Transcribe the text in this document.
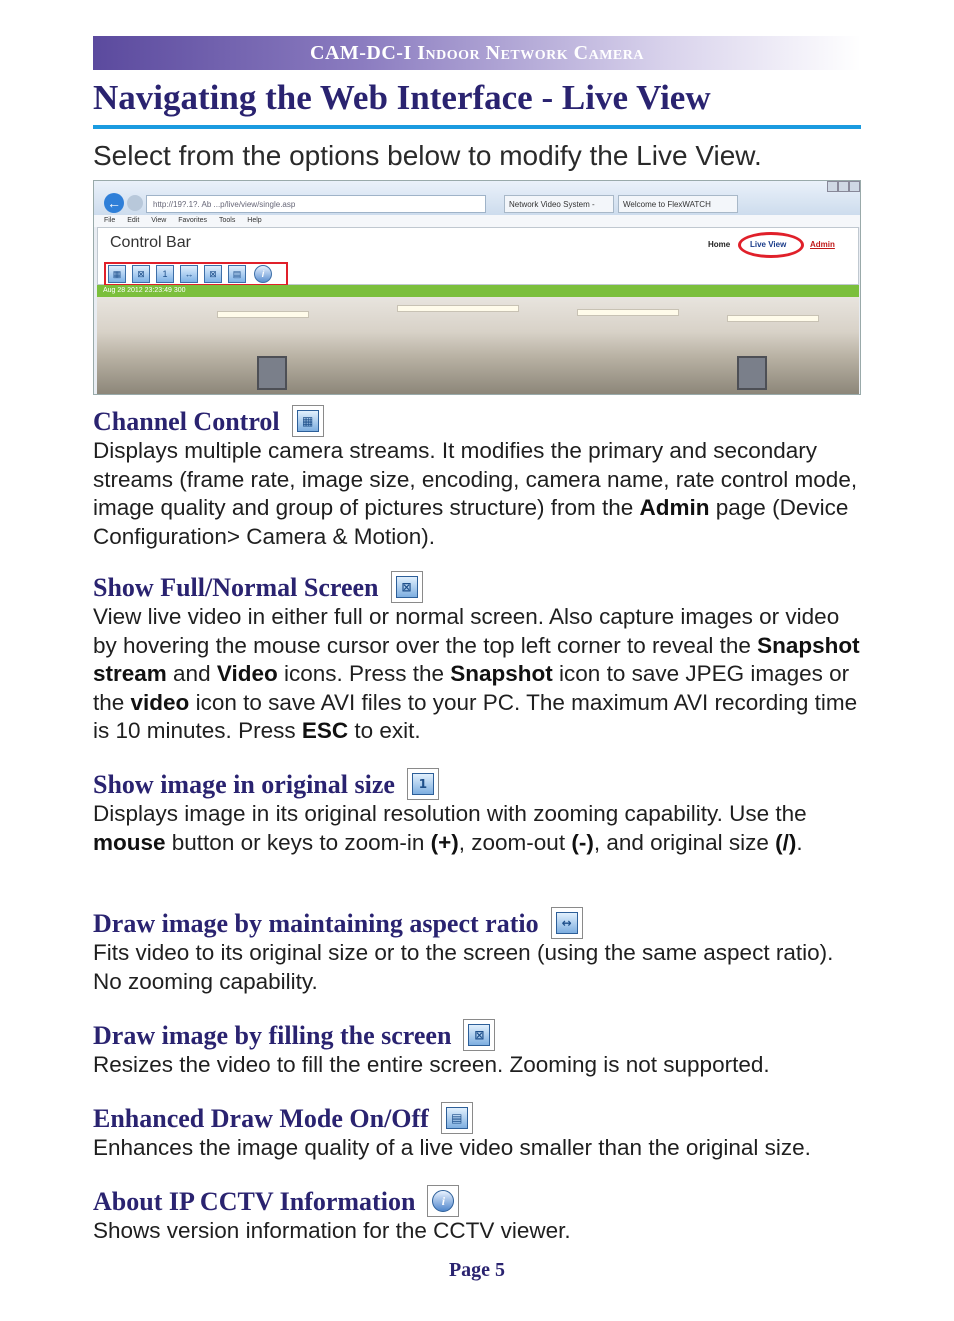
CAM-DC-I Indoor Network Camera
Navigating the Web Interface - Live View

Select from the options below to modify the Live View.

←	http://19?.1?. Ab ...p/live/view/single.asp	Network Video System -	Welcome to FlexWATCH
File Edit View Favorites Tools Help
Control Bar	Home Live View	Admin
▦	⊠	1	↔	⊠	▤	i
Aug 28 2012 23:23:49 300
Channel Control	▦

Displays multiple camera streams. It modifies the primary and secondary streams (frame rate, image size, encoding, camera name, rate control mode, image quality and group of pictures structure) from the Admin page (Device Configuration> Camera & Motion).

Show Full/Normal Screen	⊠

View live video in either full or normal screen. Also capture images or video by hovering the mouse cursor over the top left corner to reveal the Snapshot stream and Video icons. Press the Snapshot icon to save JPEG images or the video icon to save AVI files to your PC. The maximum AVI recording time is 10 minutes. Press ESC to exit.

Show image in original size	1

Displays image in its original resolution with zooming capability. Use the mouse button or keys to zoom-in (+), zoom-out (-), and original size (/).

Draw image by maintaining aspect ratio	↔

Fits video to its original size or to the screen (using the same aspect ratio). No zooming capability.

Draw image by filling the screen	⊠

Resizes the video to fill the entire screen. Zooming is not supported.

Enhanced Draw Mode On/Off	▤

Enhances the image quality of a live video smaller than the original size.

About IP CCTV Information	i

Shows version information for the CCTV viewer.

Page 5
